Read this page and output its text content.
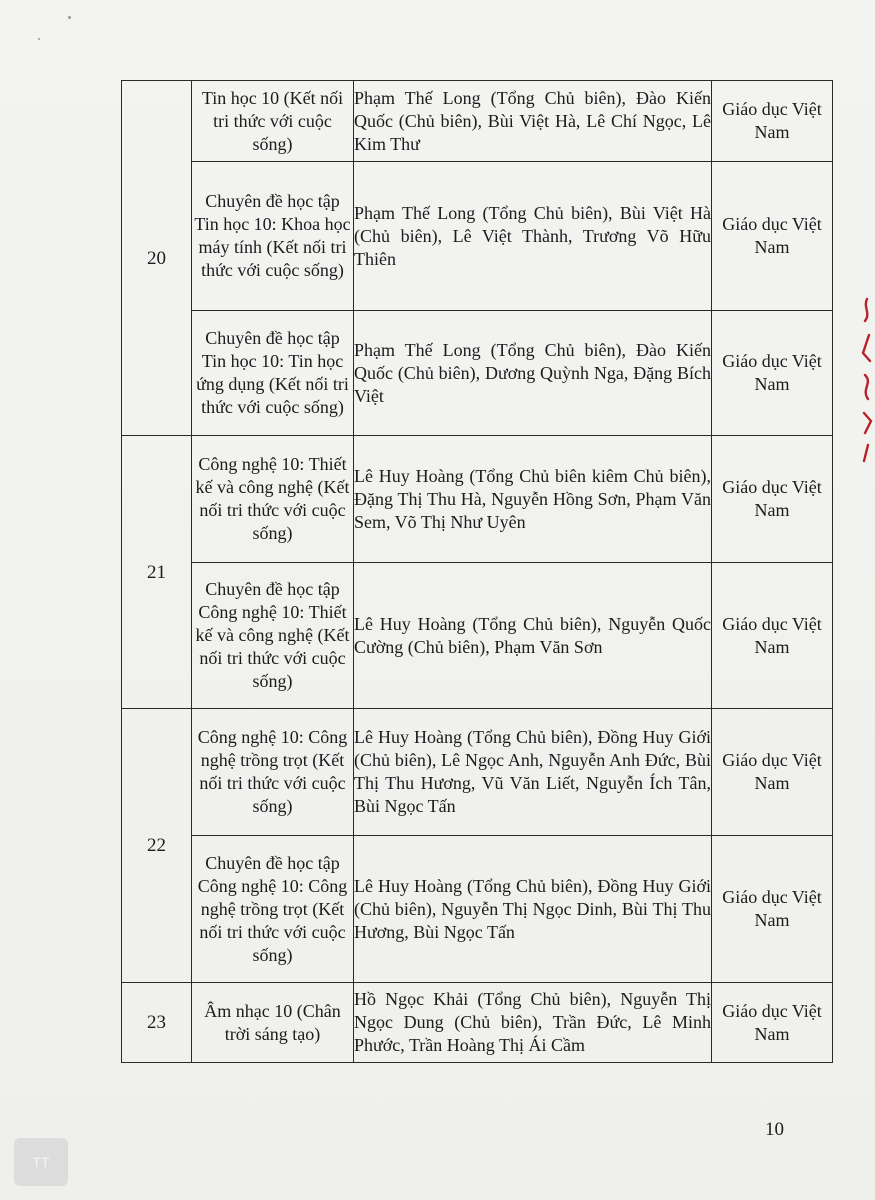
20	Tin học 10 (Kết nối tri thức với cuộc sống)	Phạm Thế Long (Tổng Chủ biên), Đào Kiến Quốc (Chủ biên), Bùi Việt Hà, Lê Chí Ngọc, Lê Kim Thư	Giáo dục Việt Nam
	Chuyên đề học tập Tin học 10: Khoa học máy tính (Kết nối tri thức với cuộc sống)	Phạm Thế Long (Tổng Chủ biên), Bùi Việt Hà (Chủ biên), Lê Việt Thành, Trương Võ Hữu Thiên	Giáo dục Việt Nam
	Chuyên đề học tập Tin học 10: Tin học ứng dụng (Kết nối tri thức với cuộc sống)	Phạm Thế Long (Tổng Chủ biên), Đào Kiến Quốc (Chủ biên), Dương Quỳnh Nga, Đặng Bích Việt	Giáo dục Việt Nam
21	Công nghệ 10: Thiết kế và công nghệ (Kết nối tri thức với cuộc sống)	Lê Huy Hoàng (Tổng Chủ biên kiêm Chủ biên), Đặng Thị Thu Hà, Nguyễn Hồng Sơn, Phạm Văn Sem, Võ Thị Như Uyên	Giáo dục Việt Nam
	Chuyên đề học tập Công nghệ 10: Thiết kế và công nghệ (Kết nối tri thức với cuộc sống)	Lê Huy Hoàng (Tổng Chủ biên), Nguyễn Quốc Cường (Chủ biên), Phạm Văn Sơn	Giáo dục Việt Nam
22	Công nghệ 10: Công nghệ trồng trọt (Kết nối tri thức với cuộc sống)	Lê Huy Hoàng (Tổng Chủ biên), Đồng Huy Giới (Chủ biên), Lê Ngọc Anh, Nguyễn Anh Đức, Bùi Thị Thu Hương, Vũ Văn Liết, Nguyễn Ích Tân, Bùi Ngọc Tấn	Giáo dục Việt Nam
	Chuyên đề học tập Công nghệ 10: Công nghệ trồng trọt (Kết nối tri thức với cuộc sống)	Lê Huy Hoàng (Tổng Chủ biên), Đồng Huy Giới (Chủ biên), Nguyễn Thị Ngọc Dinh, Bùi Thị Thu Hương, Bùi Ngọc Tấn	Giáo dục Việt Nam
23	Âm nhạc 10 (Chân trời sáng tạo)	Hồ Ngọc Khải (Tổng Chủ biên), Nguyễn Thị Ngọc Dung (Chủ biên), Trần Đức, Lê Minh Phước, Trần Hoàng Thị Ái Cầm	Giáo dục Việt Nam
10
TT
